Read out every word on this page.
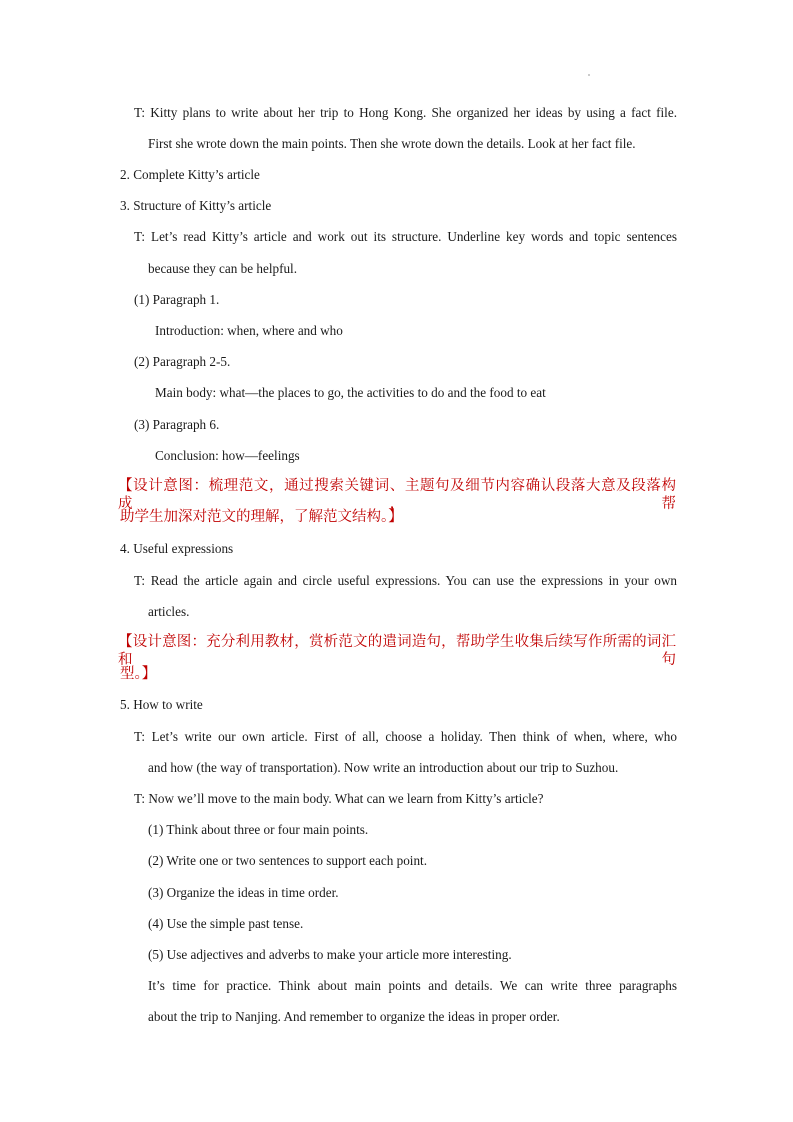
T: Kitty plans to write about her trip to Hong Kong. She organized her ideas by using a fact file.
First she wrote down the main points. Then she wrote down the details. Look at her fact file.
2. Complete Kitty’s article
3. Structure of Kitty’s article
T: Let’s read Kitty’s article and work out its structure. Underline key words and topic sentences
because they can be helpful.
(1) Paragraph 1.
Introduction: when, where and who
(2) Paragraph 2-5.
Main body: what—the places to go, the activities to do and the food to eat
(3) Paragraph 6.
Conclusion: how—feelings
【设计意图：梳理范文，通过搜索关键词、主题句及细节内容确认段落大意及段落构成，帮
助学生加深对范文的理解，了解范文结构。】
4. Useful expressions
T: Read the article again and circle useful expressions. You can use the expressions in your own
articles.
【设计意图：充分利用教材，赏析范文的遣词造句，帮助学生收集后续写作所需的词汇和句
型。】
5. How to write
T: Let’s write our own article. First of all, choose a holiday. Then think of when, where, who
and how (the way of transportation). Now write an introduction about our trip to Suzhou.
T: Now we’ll move to the main body. What can we learn from Kitty’s article?
(1) Think about three or four main points.
(2) Write one or two sentences to support each point.
(3) Organize the ideas in time order.
(4) Use the simple past tense.
(5) Use adjectives and adverbs to make your article more interesting.
It’s time for practice. Think about main points and details. We can write three paragraphs
about the trip to Nanjing. And remember to organize the ideas in proper order.
